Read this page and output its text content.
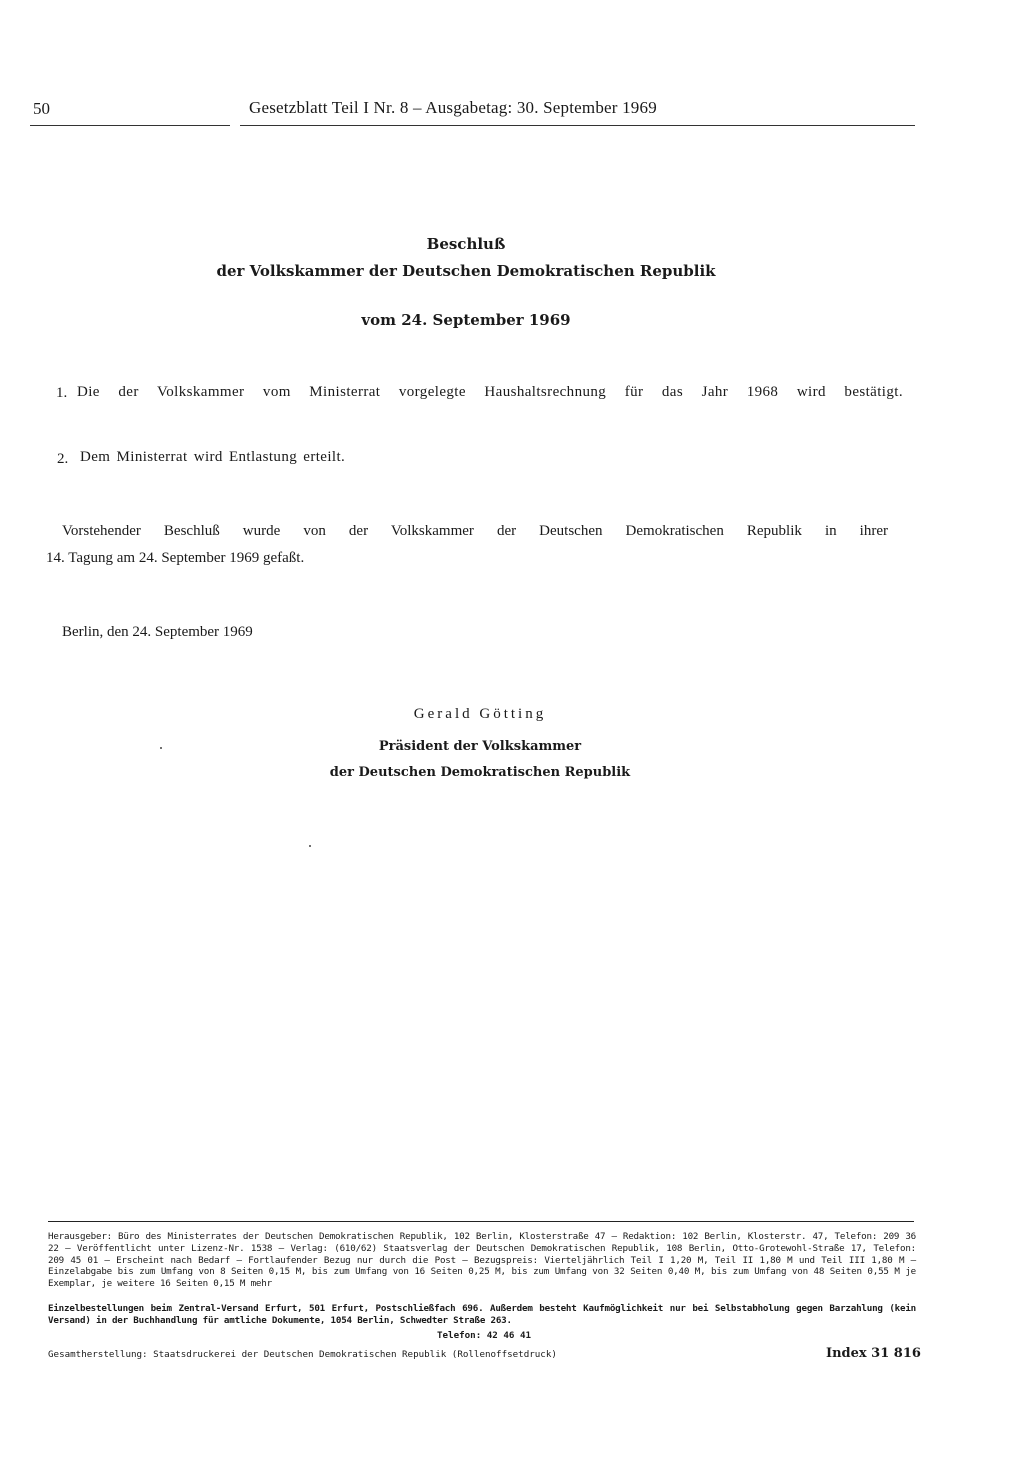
50	Gesetzblatt Teil I Nr. 8 – Ausgabetag: 30. September 1969
Beschluß
der Volkskammer der Deutschen Demokratischen Republik
vom 24. September 1969
1. Die der Volkskammer vom Ministerrat vorgelegte Haushaltsrechnung für das Jahr 1968 wird bestätigt.
2. Dem Ministerrat wird Entlastung erteilt.
Vorstehender Beschluß wurde von der Volkskammer der Deutschen Demokratischen Republik in ihrer
14. Tagung am 24. September 1969 gefaßt.
Berlin, den 24. September 1969
Gerald Götting
Präsident der Volkskammer
der Deutschen Demokratischen Republik
Herausgeber: Büro des Ministerrates der Deutschen Demokratischen Republik, 102 Berlin, Klosterstraße 47 – Redaktion: 102 Berlin, Klosterstr. 47, Telefon: 209 36 22 – Veröffentlicht unter Lizenz-Nr. 1538 – Verlag: (610/62) Staatsverlag der Deutschen Demokratischen Republik, 108 Berlin, Otto-Grotewohl-Straße 17, Telefon: 209 45 01 – Erscheint nach Bedarf – Fortlaufender Bezug nur durch die Post – Bezugspreis: Vierteljährlich Teil I 1,20 M, Teil II 1,80 M und Teil III 1,80 M – Einzelabgabe bis zum Umfang von 8 Seiten 0,15 M, bis zum Umfang von 16 Seiten 0,25 M, bis zum Umfang von 32 Seiten 0,40 M, bis zum Umfang von 48 Seiten 0,55 M je Exemplar, je weitere 16 Seiten 0,15 M mehr
Einzelbestellungen beim Zentral-Versand Erfurt, 501 Erfurt, Postschließfach 696. Außerdem besteht Kaufmöglichkeit nur bei Selbstabholung gegen Barzahlung (kein Versand) in der Buchhandlung für amtliche Dokumente, 1054 Berlin, Schwedter Straße 263.
Telefon: 42 46 41
Gesamtherstellung: Staatsdruckerei der Deutschen Demokratischen Republik (Rollenoffsetdruck)	Index 31 816
